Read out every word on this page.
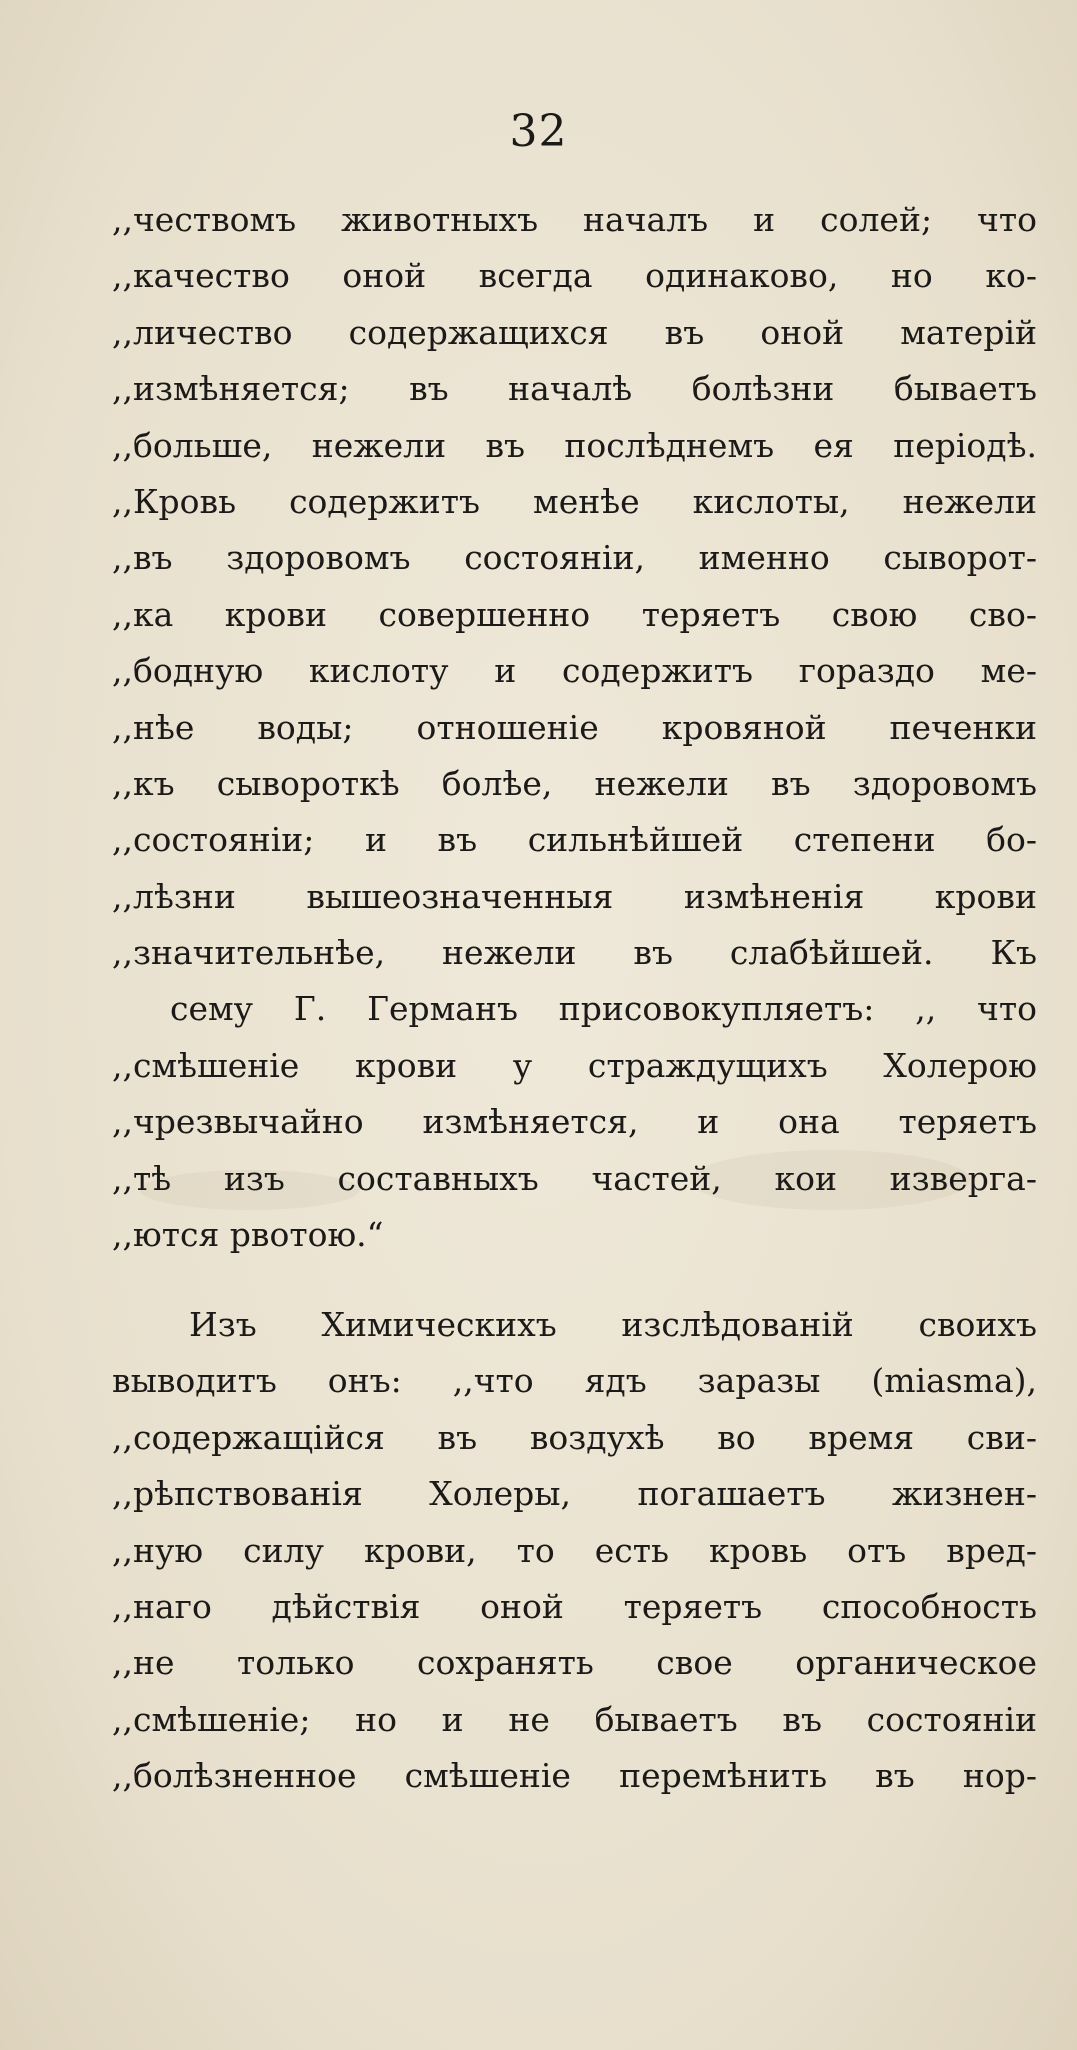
32
,,чествомъ животныхъ началъ и солей; что
,,качество оной всегда одинаково, но ко-
,,личество содержащихся въ оной матерій
,,измѣняется; въ началѣ болѣзни бываетъ
,,больше, нежели въ послѣднемъ ея періодѣ.
,,Кровь содержитъ менѣе кислоты, нежели
,,въ здоровомъ состояніи, именно сыворот-
,,ка крови совершенно теряетъ свою сво-
,,бодную кислоту и содержитъ гораздо ме-
,,нѣе воды; отношеніе кровяной печенки
,,къ сывороткѣ болѣе, нежели въ здоровомъ
,,состояніи; и въ сильнѣйшей степени бо-
,,лѣзни вышеозначенныя измѣненія крови
,,значительнѣе, нежели въ слабѣйшей. Къ
сему Г. Германъ присовокупляетъ: ,, что
,,смѣшеніе крови у страждущихъ Холерою
,,чрезвычайно измѣняется, и она теряетъ
,,тѣ изъ составныхъ частей, кои изверга-
,,ются рвотою.“
Изъ Химическихъ изслѣдованій своихъ
выводитъ онъ: ,,что ядъ заразы (miasma),
,,содержащійся въ воздухѣ во время сви-
,,рѣпствованія Холеры, погашаетъ жизнен-
,,ную силу крови, то есть кровь отъ вред-
,,наго дѣйствія оной теряетъ способность
,,не только сохранять свое органическое
,,смѣшеніе; но и не бываетъ въ состояніи
,,болѣзненное смѣшеніе перемѣнить въ нор-
